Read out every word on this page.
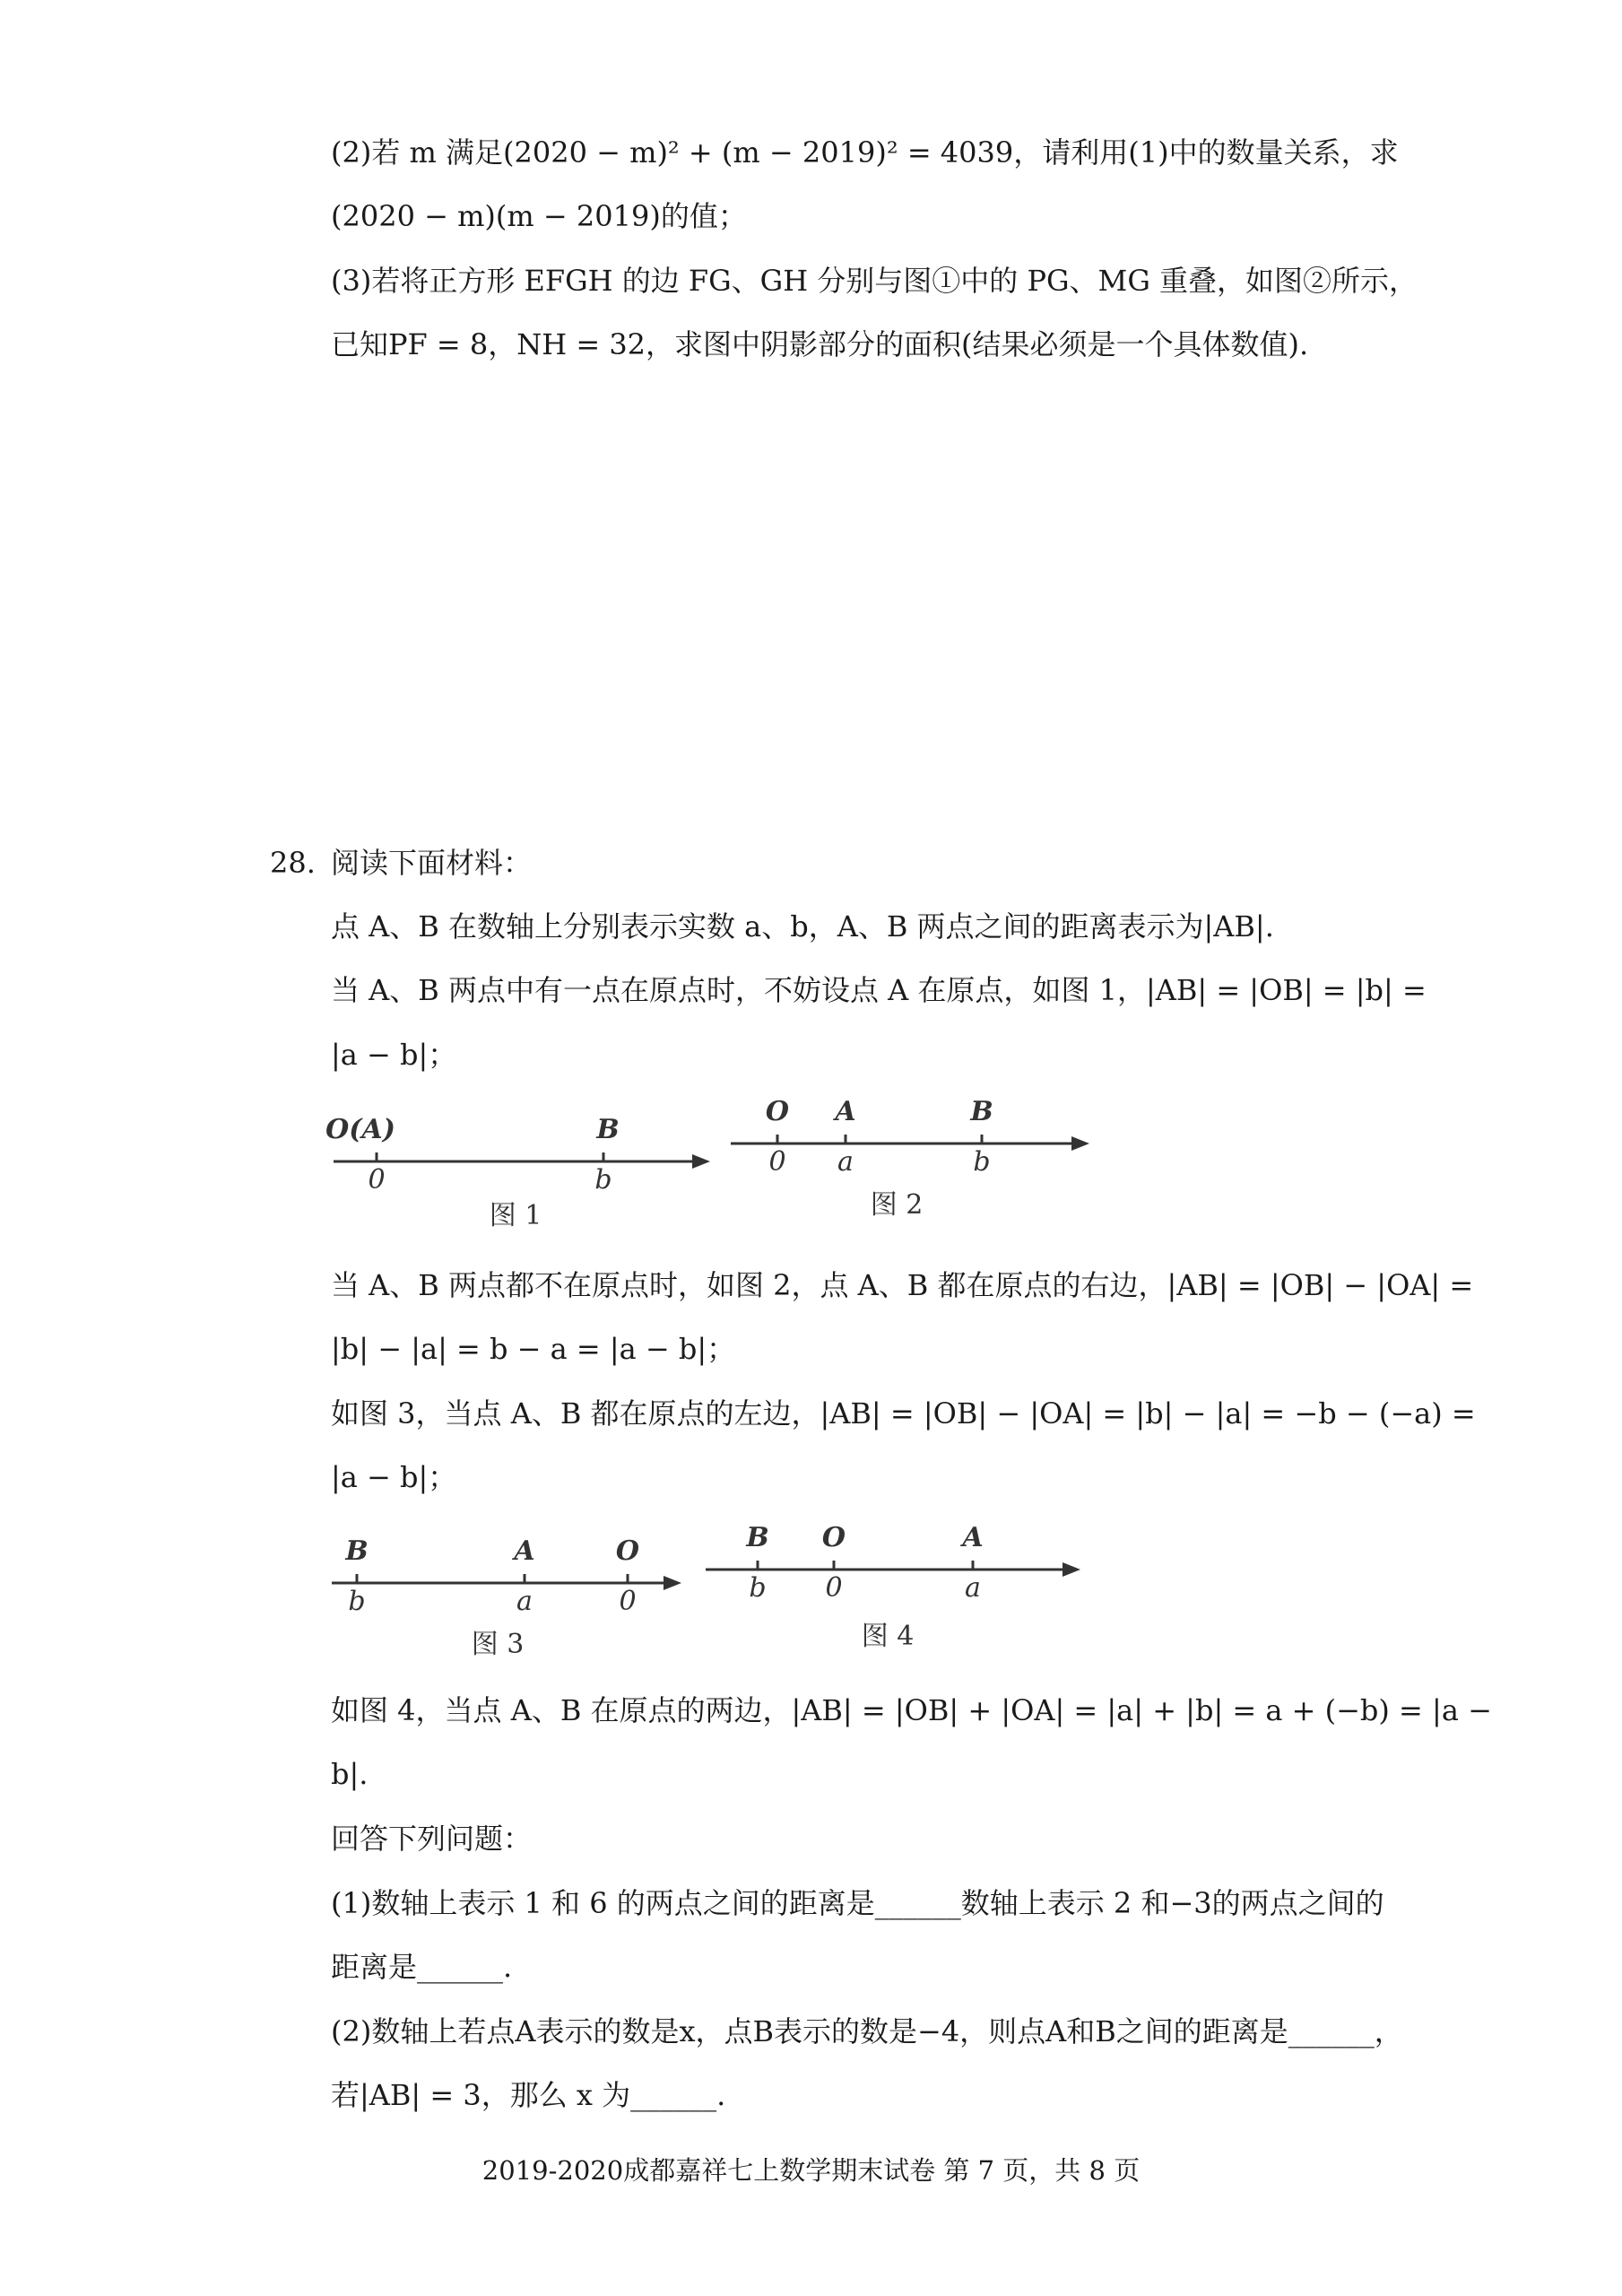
(2)若 m 满足(2020 − m)² + (m − 2019)² = 4039，请利用(1)中的数量关系，求
(2020 − m)(m − 2019)的值；
(3)若将正方形 EFGH 的边 FG、GH 分别与图①中的 PG、MG 重叠，如图②所示，
已知PF = 8，NH = 32，求图中阴影部分的面积(结果必须是一个具体数值).
28. 阅读下面材料：
点 A、B 在数轴上分别表示实数 a、b，A、B 两点之间的距离表示为|AB|.
当 A、B 两点中有一点在原点时，不妨设点 A 在原点，如图 1，|AB| = |OB| = |b| =
|a − b|；
O(A)	B
0	b
图 1
O A	B
0 a	b
图 2
当 A、B 两点都不在原点时，如图 2，点 A、B 都在原点的右边，|AB| = |OB| − |OA| =
|b| − |a| = b − a = |a − b|；
如图 3，当点 A、B 都在原点的左边，|AB| = |OB| − |OA| = |b| − |a| = −b − (−a) =
|a − b|；
B	A	O
b	a	0
图 3
B O	A
b 0	a
图 4
如图 4，当点 A、B 在原点的两边，|AB| = |OB| + |OA| = |a| + |b| = a + (−b) = |a −
b|.
回答下列问题：
(1)数轴上表示 1 和 6 的两点之间的距离是______数轴上表示 2 和−3的两点之间的
距离是______.
(2)数轴上若点A表示的数是x，点B表示的数是−4，则点A和B之间的距离是______，
若|AB| = 3，那么 x 为______.
2019-2020成都嘉祥七上数学期末试卷 第 7 页，共 8 页
